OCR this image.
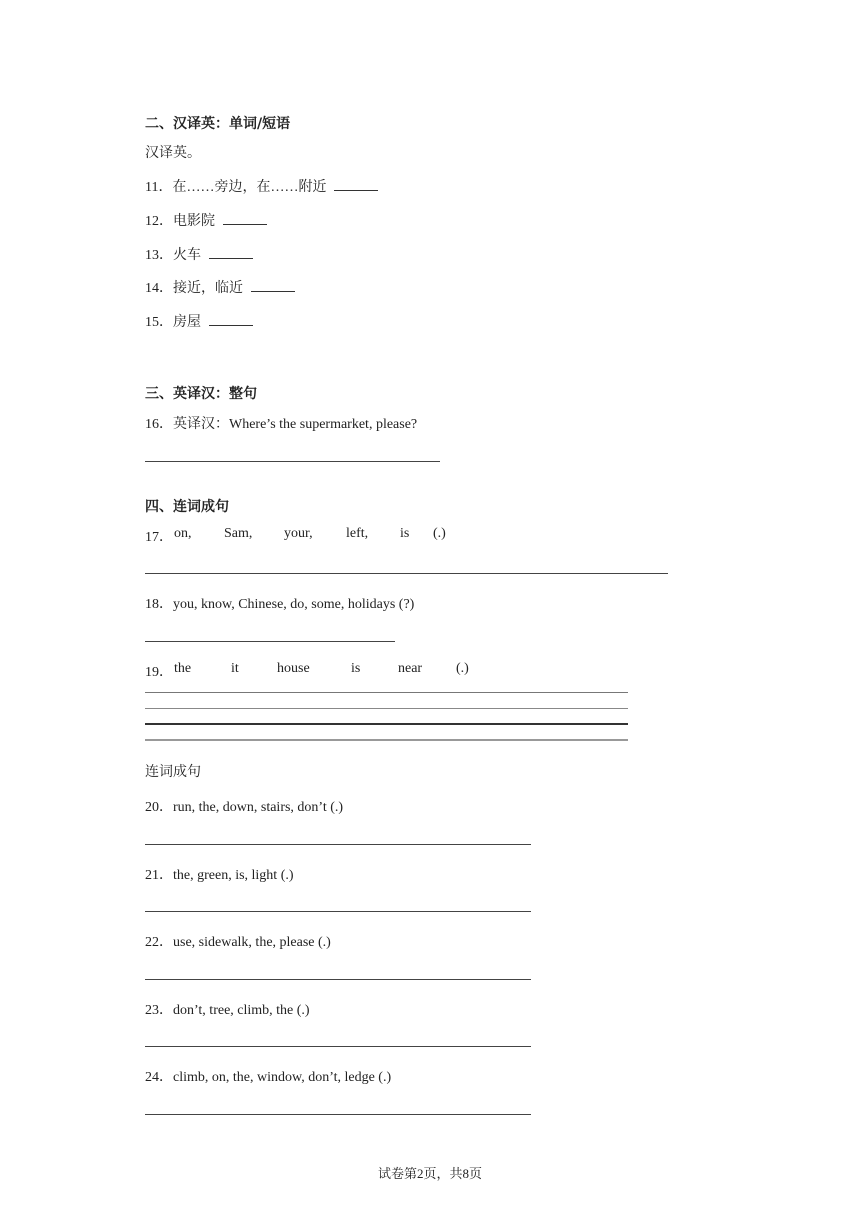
二、汉译英：单词/短语
汉译英。
11．在……旁边，在……附近
12．电影院
13．火车
14．接近，临近
15．房屋
三、英译汉：整句
16．英译汉：Where’s the supermarket, please?
四、连词成句
17． on, Sam, your, left, is (.)
18．you, know, Chinese, do, some, holidays (?)
19． the	it	house	is	near (.)
连词成句
20．run, the, down, stairs, don’t (.)
21．the, green, is, light (.)
22．use, sidewalk, the, please (.)
23．don’t, tree, climb, the (.)
24．climb, on, the, window, don’t, ledge (.)
试卷第2页，共8页
